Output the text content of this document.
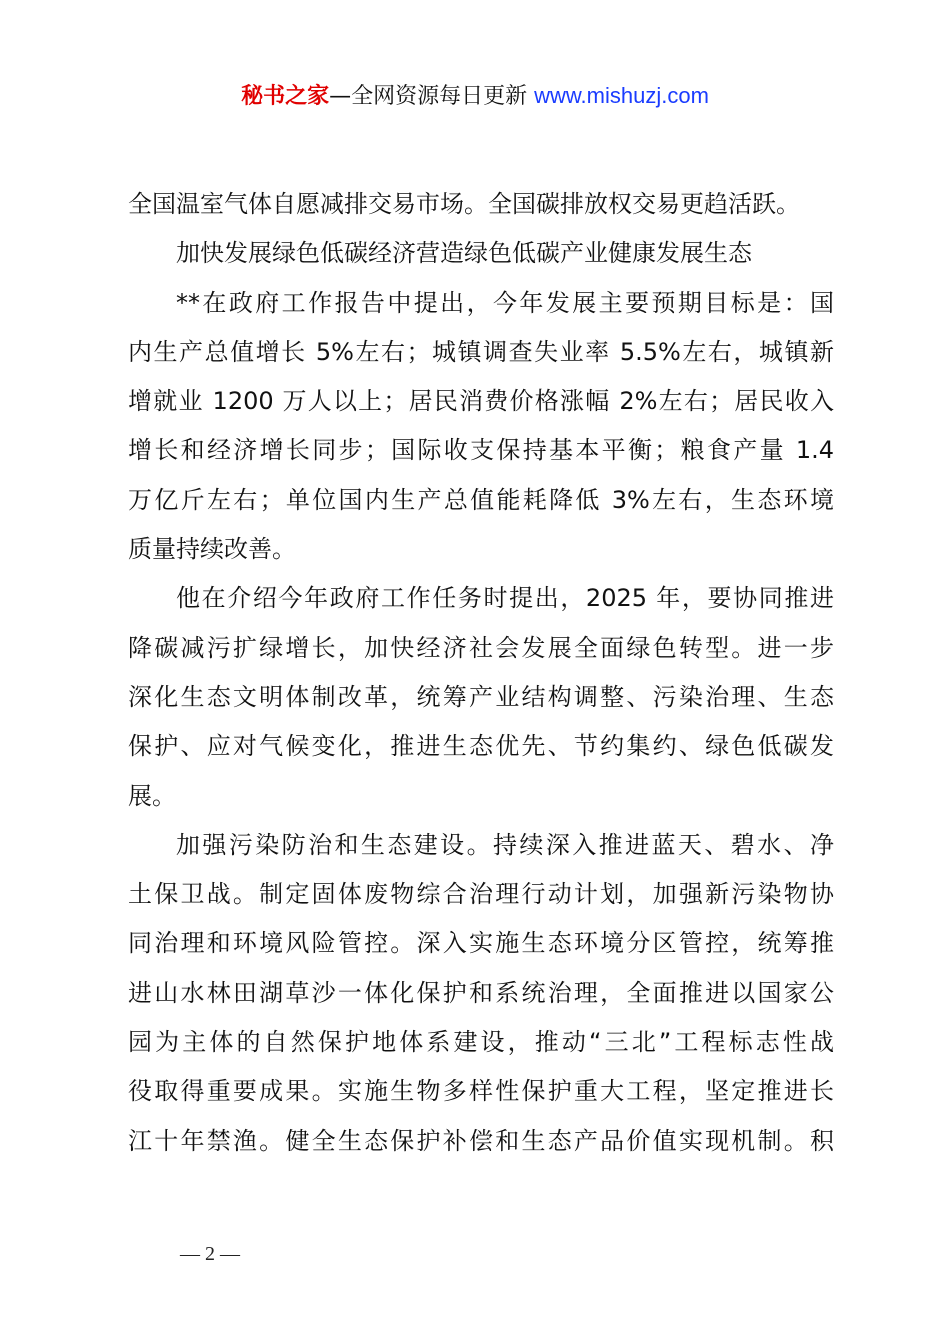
秘书之家—全网资源每日更新 www.mishuzj.com
全国温室气体自愿减排交易市场。全国碳排放权交易更趋活跃。
加快发展绿色低碳经济营造绿色低碳产业健康发展生态
**在政府工作报告中提出，今年发展主要预期目标是：国
内生产总值增长 5%左右；城镇调查失业率 5.5%左右，城镇新
增就业 1200 万人以上；居民消费价格涨幅 2%左右；居民收入
增长和经济增长同步；国际收支保持基本平衡；粮食产量 1.4
万亿斤左右；单位国内生产总值能耗降低 3%左右，生态环境
质量持续改善。
他在介绍今年政府工作任务时提出，2025 年，要协同推进
降碳减污扩绿增长，加快经济社会发展全面绿色转型。进一步
深化生态文明体制改革，统筹产业结构调整、污染治理、生态
保护、应对气候变化，推进生态优先、节约集约、绿色低碳发
展。
加强污染防治和生态建设。持续深入推进蓝天、碧水、净
土保卫战。制定固体废物综合治理行动计划，加强新污染物协
同治理和环境风险管控。深入实施生态环境分区管控，统筹推
进山水林田湖草沙一体化保护和系统治理，全面推进以国家公
园为主体的自然保护地体系建设，推动“三北”工程标志性战
役取得重要成果。实施生物多样性保护重大工程，坚定推进长
江十年禁渔。健全生态保护补偿和生态产品价值实现机制。积
— 2 —
